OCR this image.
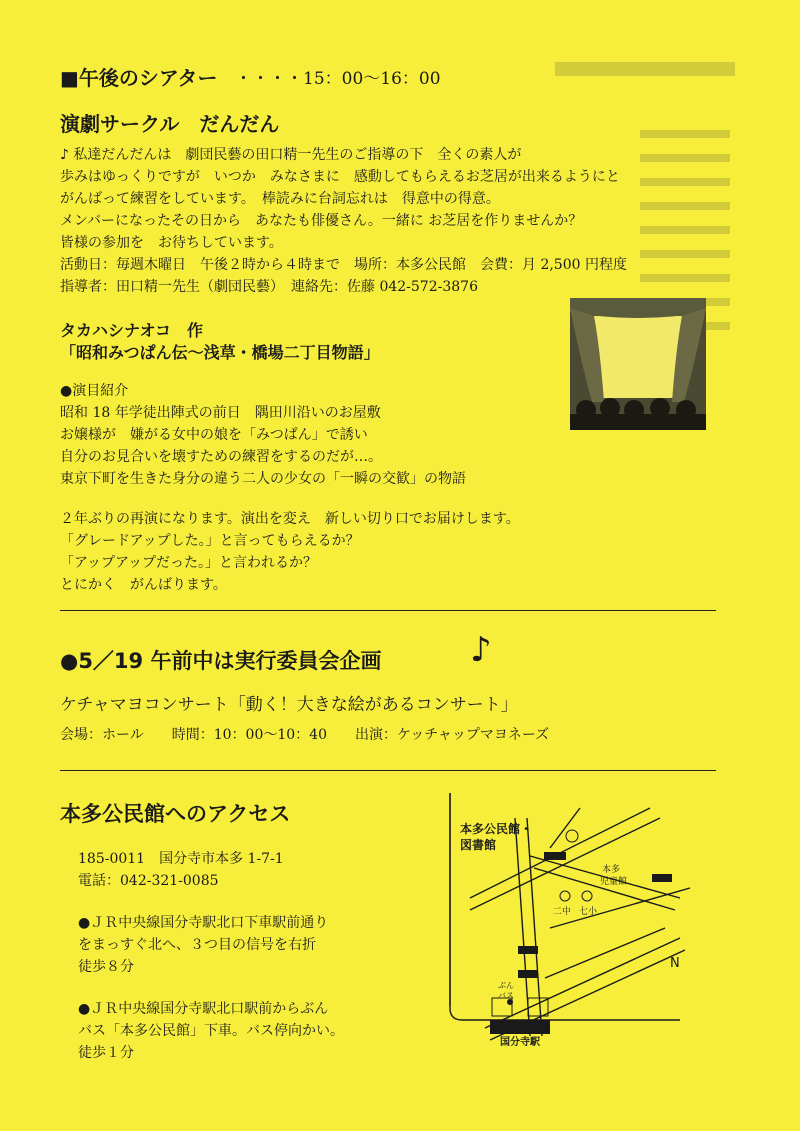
■午後のシアター ・・・・15：00〜16：00
演劇サークル　だんだん
♪ 私達だんだんは　劇団民藝の田口精一先生のご指導の下　全くの素人が
歩みはゆっくりですが　いつか　みなさまに　感動してもらえるお芝居が出来るようにと
がんばって練習をしています。　棒読みに台詞忘れは　得意中の得意。
メンバーになったその日から　あなたも俳優さん。一緒に お芝居を作りませんか？
皆様の参加を　お待ちしています。
活動日：毎週木曜日　午後２時から４時まで　場所：本多公民館　会費：月 2,500 円程度
指導者：田口精一先生（劇団民藝）　連絡先：佐藤 042-572-3876
タカハシナオコ　作
「昭和みつぱん伝〜浅草・橋場二丁目物語」
●演目紹介
昭和 18 年学徒出陣式の前日　隅田川沿いのお屋敷
お嬢様が　嫌がる女中の娘を「みつぱん」で誘い
自分のお見合いを壊すための練習をするのだが…。
東京下町を生きた身分の違う二人の少女の「一瞬の交歓」の物語
２年ぶりの再演になります。演出を変え　新しい切り口でお届けします。
「グレードアップした。」と言ってもらえるか？
「アップアップだった。」と言われるか？
とにかく　がんばります。
●5／19 午前中は実行委員会企画	♪
ケチャマヨコンサート「動く！大きな絵があるコンサート」
会場：ホール　　時間：10：00〜10：40　　出演：ケッチャップマヨネーズ
本多公民館へのアクセス
185-0011　国分寺市本多 1-7-1
電話：042-321-0085
●ＪＲ中央線国分寺駅北口下車駅前通り
をまっすぐ北へ、３つ目の信号を右折
徒歩８分
●ＪＲ中央線国分寺駅北口駅前からぶん
バス「本多公民館」下車。バス停向かい。
徒歩１分
本多公民館・
図書館
本多
児童館
二中 七小
ぶん
バス
西国分	五日市
国分寺駅
N
